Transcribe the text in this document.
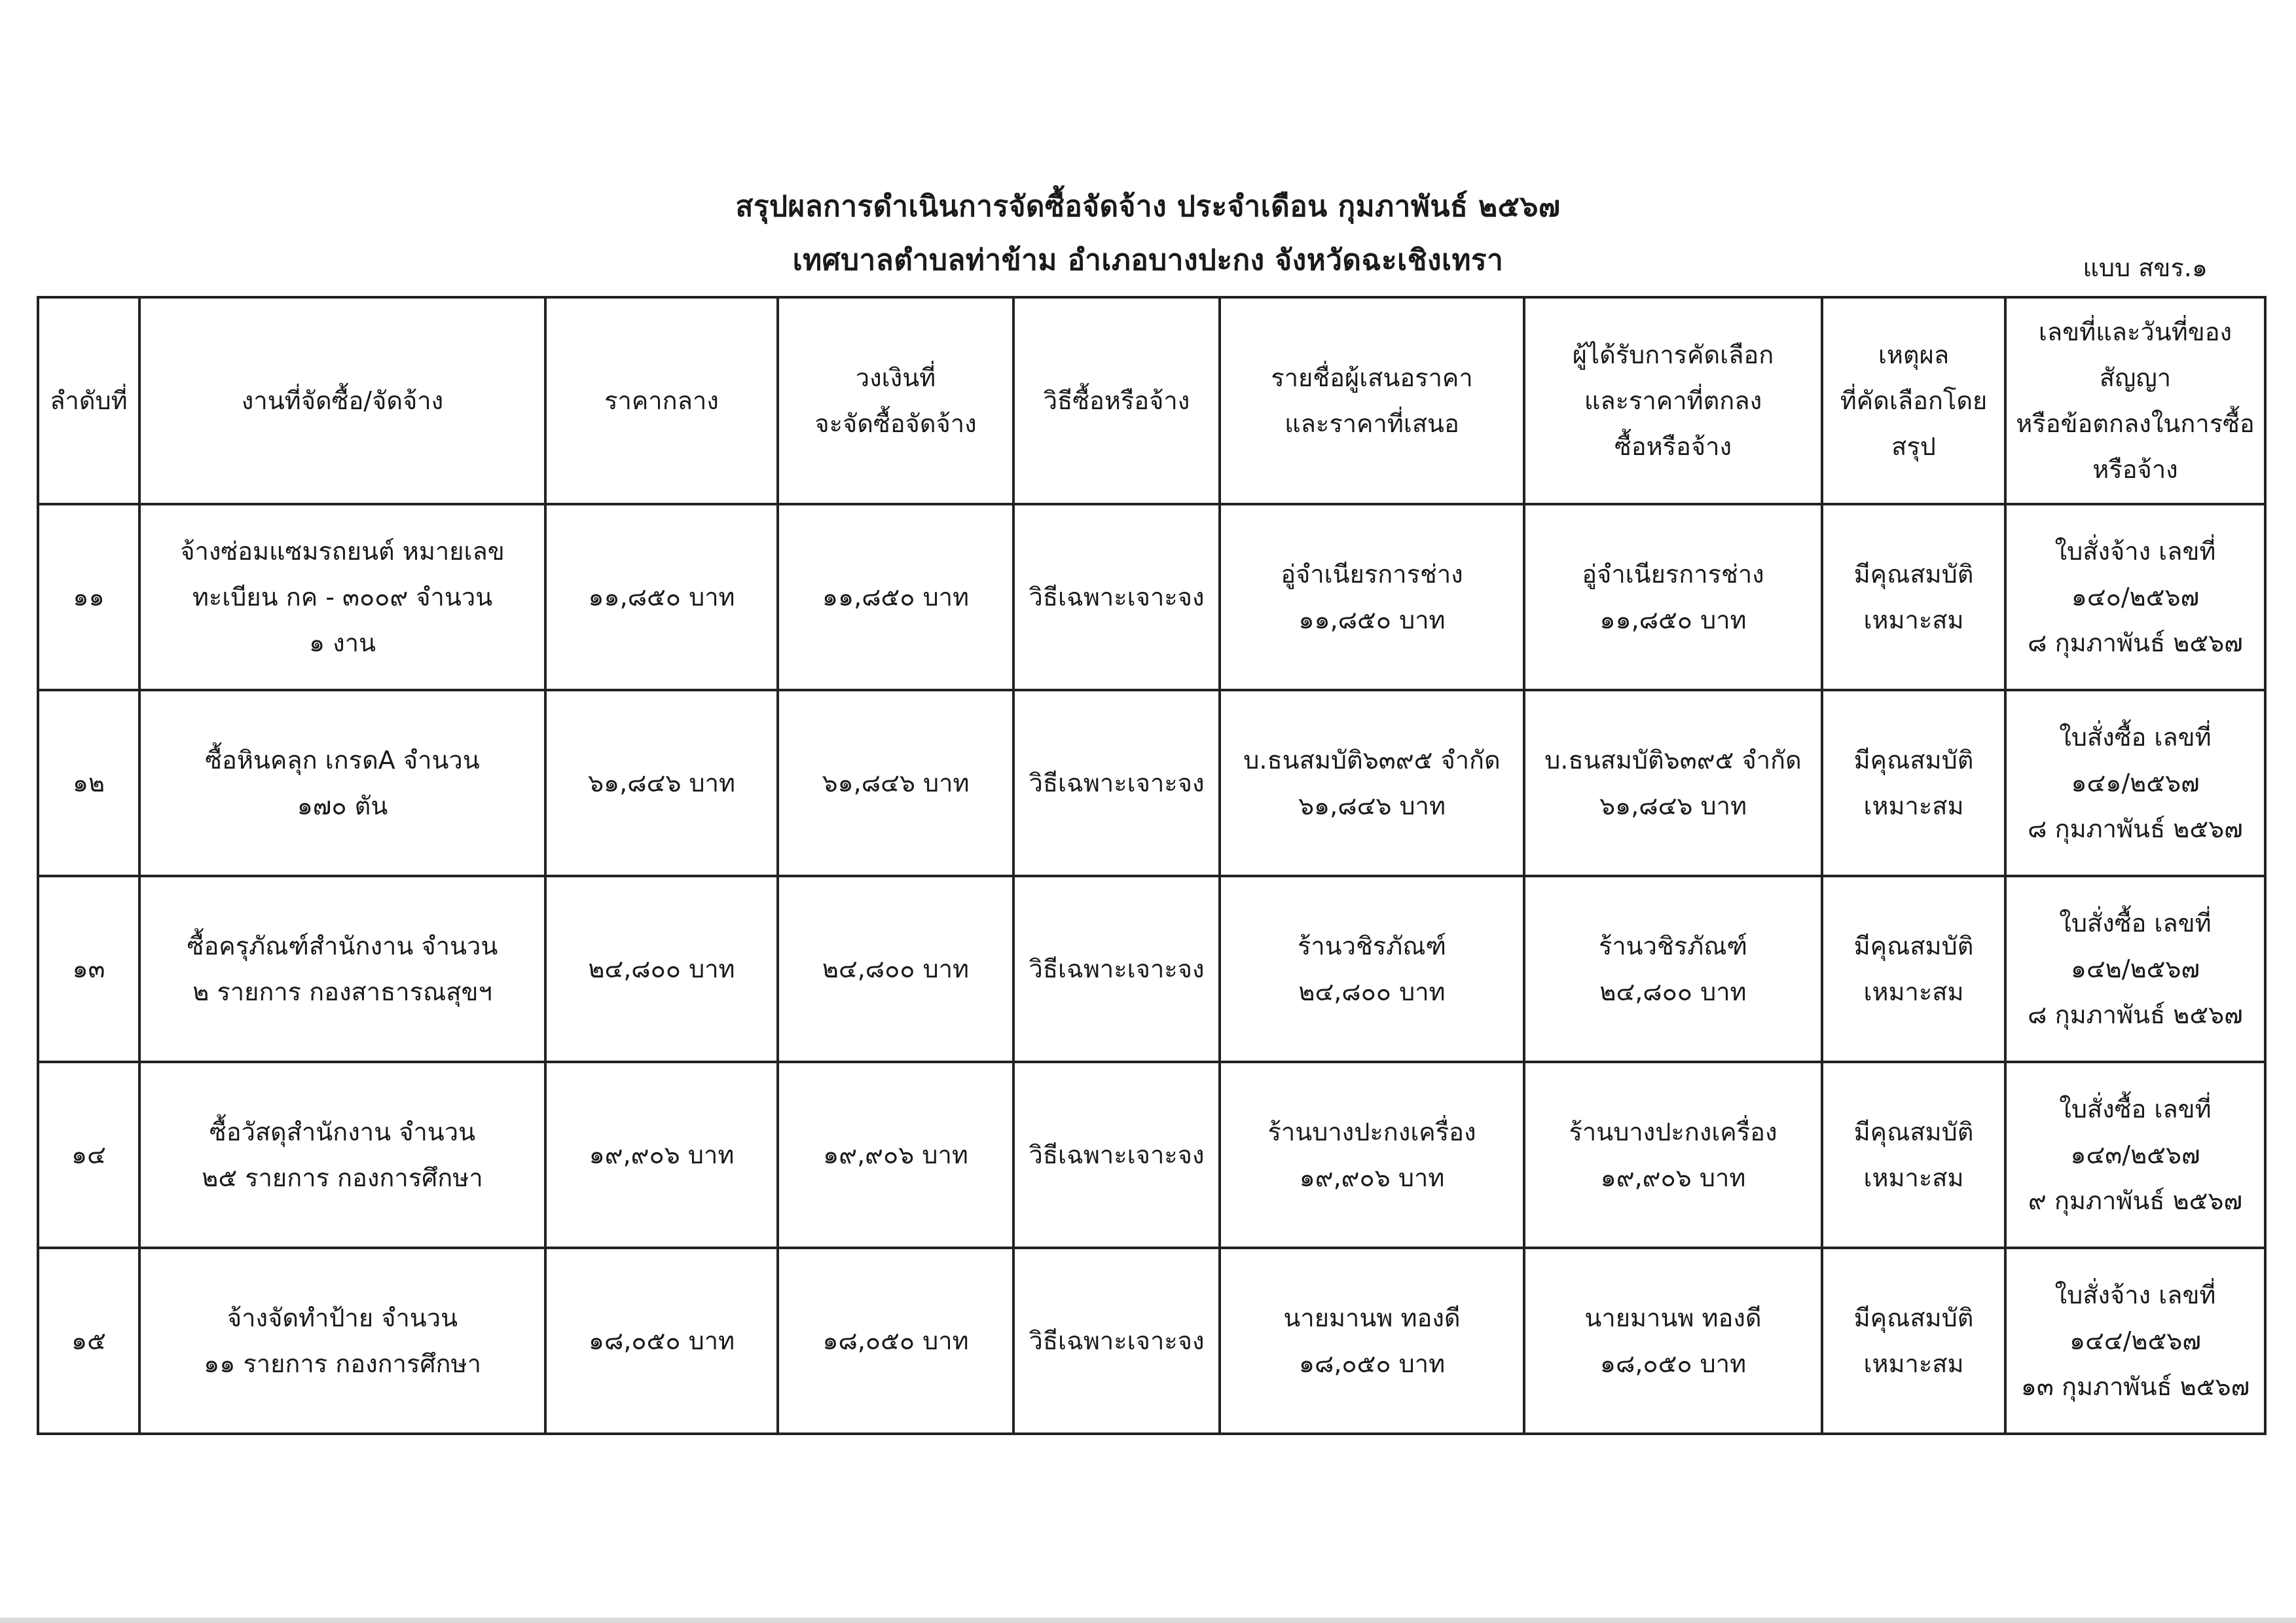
สรุปผลการดำเนินการจัดซื้อจัดจ้าง ประจำเดือน กุมภาพันธ์ ๒๕๖๗
เทศบาลตำบลท่าข้าม อำเภอบางปะกง จังหวัดฉะเชิงเทรา	แบบ สขร.๑
ลำดับที่	งานที่จัดซื้อ/จัดจ้าง	ราคากลาง	วงเงินที่
จะจัดซื้อจัดจ้าง	วิธีซื้อหรือจ้าง	รายชื่อผู้เสนอราคา
และราคาที่เสนอ	ผู้ได้รับการคัดเลือก
และราคาที่ตกลง
ซื้อหรือจ้าง	เหตุผล
ที่คัดเลือกโดย
สรุป	เลขที่และวันที่ของ
สัญญา
หรือข้อตกลงในการซื้อ
หรือจ้าง

๑๑	จ้างซ่อมแซมรถยนต์ หมายเลข
ทะเบียน กค - ๓๐๐๙ จำนวน
๑ งาน	๑๑,๘๕๐ บาท	๑๑,๘๕๐ บาท	วิธีเฉพาะเจาะจง	อู่จำเนียรการช่าง
๑๑,๘๕๐ บาท	อู่จำเนียรการช่าง
๑๑,๘๕๐ บาท	มีคุณสมบัติ
เหมาะสม	ใบสั่งจ้าง เลขที่
๑๔๐/๒๕๖๗
๘ กุมภาพันธ์ ๒๕๖๗

๑๒	ซื้อหินคลุก เกรดA จำนวน
๑๗๐ ตัน	๖๑,๘๔๖ บาท	๖๑,๘๔๖ บาท	วิธีเฉพาะเจาะจง	บ.ธนสมบัติ๖๓๙๕ จำกัด
๖๑,๘๔๖ บาท	บ.ธนสมบัติ๖๓๙๕ จำกัด
๖๑,๘๔๖ บาท	มีคุณสมบัติ
เหมาะสม	ใบสั่งซื้อ เลขที่
๑๔๑/๒๕๖๗
๘ กุมภาพันธ์ ๒๕๖๗

๑๓	ซื้อครุภัณฑ์สำนักงาน จำนวน
๒ รายการ กองสาธารณสุขฯ	๒๔,๘๐๐ บาท	๒๔,๘๐๐ บาท	วิธีเฉพาะเจาะจง	ร้านวชิรภัณฑ์
๒๔,๘๐๐ บาท	ร้านวชิรภัณฑ์
๒๔,๘๐๐ บาท	มีคุณสมบัติ
เหมาะสม	ใบสั่งซื้อ เลขที่
๑๔๒/๒๕๖๗
๘ กุมภาพันธ์ ๒๕๖๗

๑๔	ซื้อวัสดุสำนักงาน จำนวน
๒๕ รายการ กองการศึกษา	๑๙,๙๐๖ บาท	๑๙,๙๐๖ บาท	วิธีเฉพาะเจาะจง	ร้านบางปะกงเครื่อง
๑๙,๙๐๖ บาท	ร้านบางปะกงเครื่อง
๑๙,๙๐๖ บาท	มีคุณสมบัติ
เหมาะสม	ใบสั่งซื้อ เลขที่
๑๔๓/๒๕๖๗
๙ กุมภาพันธ์ ๒๕๖๗

๑๕	จ้างจัดทำป้าย จำนวน
๑๑ รายการ กองการศึกษา	๑๘,๐๕๐ บาท	๑๘,๐๕๐ บาท	วิธีเฉพาะเจาะจง	นายมานพ ทองดี
๑๘,๐๕๐ บาท	นายมานพ ทองดี
๑๘,๐๕๐ บาท	มีคุณสมบัติ
เหมาะสม	ใบสั่งจ้าง เลขที่
๑๔๔/๒๕๖๗
๑๓ กุมภาพันธ์ ๒๕๖๗
